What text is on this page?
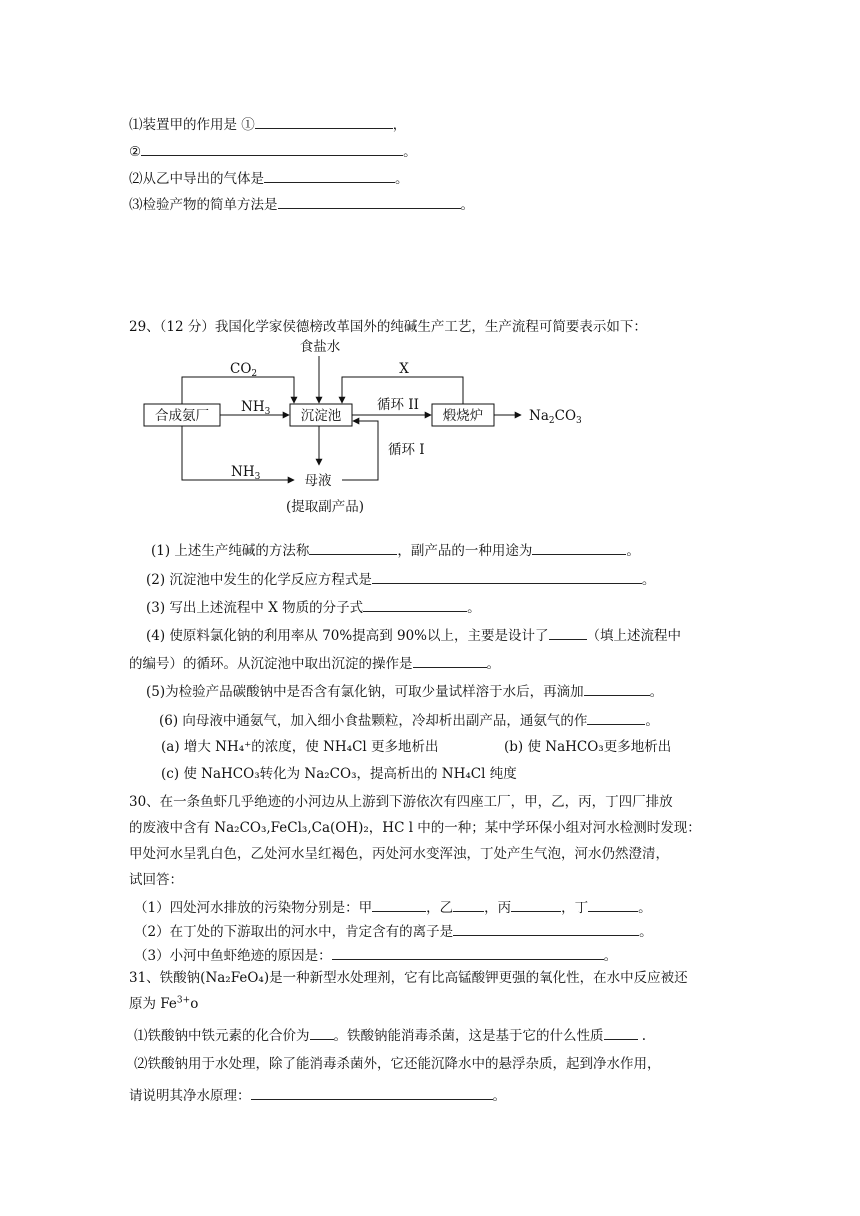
⑴装置甲的作用是 ①	，
②	。
⑵从乙中导出的气体是	。
⑶检验产物的简单方法是	。
29、（12 分）我国化学家侯德榜改革国外的纯碱生产工艺，生产流程可简要表示如下：
合成氨厂	沉淀池	煅烧炉
食盐水
$CO_2$	X
$NH_3$	循环 II
$Na_2CO_3$
循环 I
$NH_3$	母液
(提取副产品)
(1) 上述生产纯碱的方法称	，副产品的一种用途为	。
(2) 沉淀池中发生的化学反应方程式是	。
(3) 写出上述流程中 X 物质的分子式	。
(4) 使原料氯化钠的利用率从 70%提高到 90%以上，主要是设计了	（填上述流程中
的编号）的循环。从沉淀池中取出沉淀的操作是	。
(5)为检验产品碳酸钠中是否含有氯化钠，可取少量试样溶于水后，再滴加	。
(6) 向母液中通氨气，加入细小食盐颗粒，冷却析出副产品，通氨气的作	。
(a) 增大 NH₄⁺的浓度，使 NH₄Cl 更多地析出	(b) 使 NaHCO₃更多地析出
(c) 使 NaHCO₃转化为 Na₂CO₃，提高析出的 NH₄Cl 纯度
30、在一条鱼虾几乎绝迹的小河边从上游到下游依次有四座工厂，甲，乙，丙，丁四厂排放
的废液中含有 Na₂CO₃,FeCl₃,Ca(OH)₂，HC l 中的一种；某中学环保小组对河水检测时发现：
甲处河水呈乳白色，乙处河水呈红褐色，丙处河水变浑浊，丁处产生气泡，河水仍然澄清，
试回答：
（1）四处河水排放的污染物分别是：甲	，乙 ，丙	，丁	。
（2）在丁处的下游取出的河水中，肯定含有的离子是	。
（3）小河中鱼虾绝迹的原因是：	。
31、铁酸钠(Na₂FeO₄)是一种新型水处理剂，它有比高锰酸钾更强的氧化性，在水中反应被还
原为 $Fe^{3+}o$
⑴铁酸钠中铁元素的化合价为 。铁酸钠能消毒杀菌，这是基于它的什么性质	.
⑵铁酸钠用于水处理，除了能消毒杀菌外，它还能沉降水中的悬浮杂质，起到净水作用，
请说明其净水原理：	。
